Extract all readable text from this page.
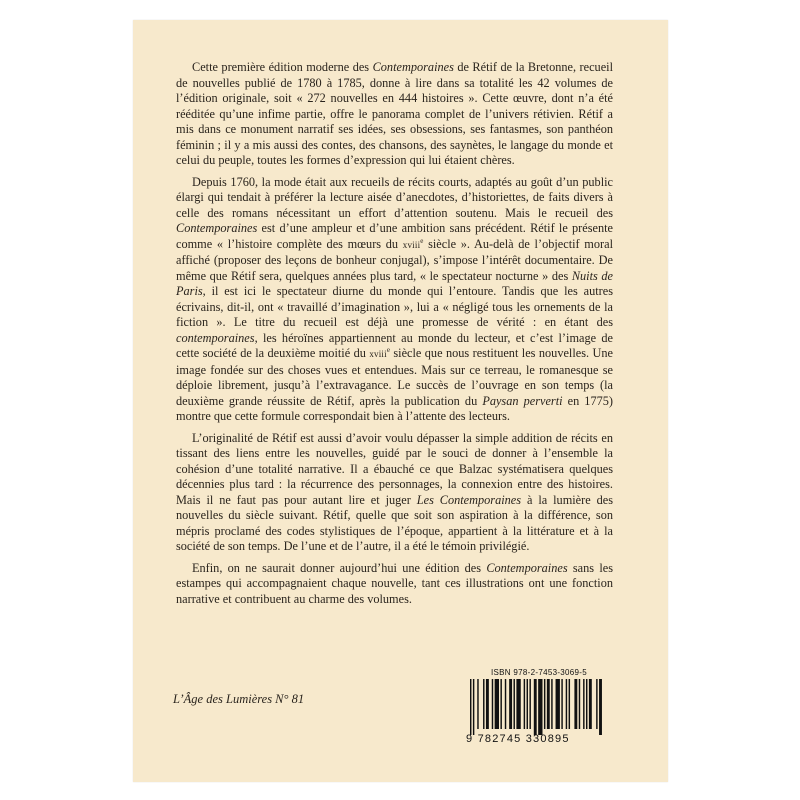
Cette première édition moderne des Contemporaines de Rétif de la Bretonne, recueil de nouvelles publié de 1780 à 1785, donne à lire dans sa totalité les 42 volumes de l’édition originale, soit « 272 nouvelles en 444 histoires ». Cette œuvre, dont n’a été rééditée qu’une infime partie, offre le panorama complet de l’univers rétivien. Rétif a mis dans ce monument narratif ses idées, ses obsessions, ses fantasmes, son panthéon féminin ; il y a mis aussi des contes, des chansons, des saynètes, le langage du monde et celui du peuple, toutes les formes d’expression qui lui étaient chères.

Depuis 1760, la mode était aux recueils de récits courts, adaptés au goût d’un public élargi qui tendait à préférer la lecture aisée d’anecdotes, d’historiettes, de faits divers à celle des romans nécessitant un effort d’attention soutenu. Mais le recueil des Contemporaines est d’une ampleur et d’une ambition sans précédent. Rétif le présente comme « l’histoire complète des mœurs du xviii$^e$ siècle ». Au-delà de l’objectif moral affiché (proposer des leçons de bonheur conjugal), s’impose l’intérêt documentaire. De même que Rétif sera, quelques années plus tard, « le spectateur nocturne » des Nuits de Paris, il est ici le spectateur diurne du monde qui l’entoure. Tandis que les autres écrivains, dit-il, ont « travaillé d’imagination », lui a « négligé tous les ornements de la fiction ». Le titre du recueil est déjà une promesse de vérité : en étant des contemporaines, les héroïnes appartiennent au monde du lecteur, et c’est l’image de cette société de la deuxième moitié du xviii$^e$ siècle que nous restituent les nouvelles. Une image fondée sur des choses vues et entendues. Mais sur ce terreau, le romanesque se déploie librement, jusqu’à l’extravagance. Le succès de l’ouvrage en son temps (la deuxième grande réussite de Rétif, après la publication du Paysan perverti en 1775) montre que cette formule correspondait bien à l’attente des lecteurs.

L’originalité de Rétif est aussi d’avoir voulu dépasser la simple addition de récits en tissant des liens entre les nouvelles, guidé par le souci de donner à l’ensemble la cohésion d’une totalité narrative. Il a ébauché ce que Balzac systématisera quelques décennies plus tard : la récurrence des personnages, la connexion entre des histoires. Mais il ne faut pas pour autant lire et juger Les Contemporaines à la lumière des nouvelles du siècle suivant. Rétif, quelle que soit son aspiration à la différence, son mépris proclamé des codes stylistiques de l’époque, appartient à la littérature et à la société de son temps. De l’une et de l’autre, il a été le témoin privilégié.

Enfin, on ne saurait donner aujourd’hui une édition des Contemporaines sans les estampes qui accompagnaient chaque nouvelle, tant ces illustrations ont une fonction narrative et contribuent au charme des volumes.

L’Âge des Lumières N° 81
ISBN 978-2-7453-3069-5
9 782745 330895
